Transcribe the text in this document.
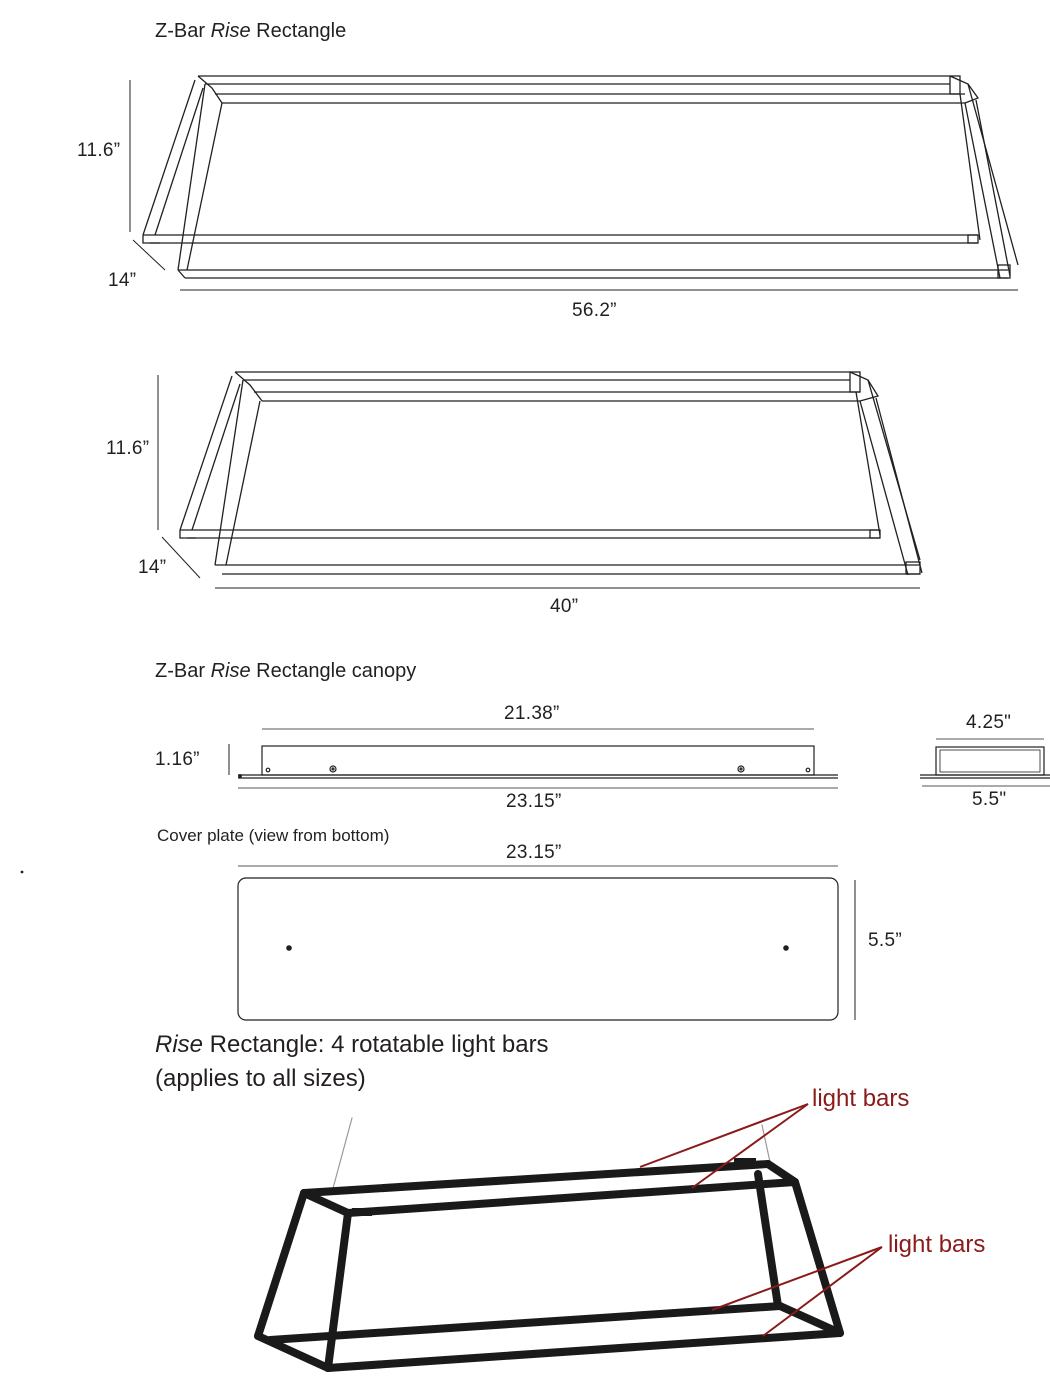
Z-Bar Rise Rectangle
11.6”
14”
56.2”
11.6”
14”
40”
Z-Bar Rise Rectangle canopy
21.38”
1.16”
23.15”
4.25"
5.5"
Cover plate (view from bottom)
23.15”
5.5”
Rise Rectangle: 4 rotatable light bars
(applies to all sizes)
light bars
light bars
